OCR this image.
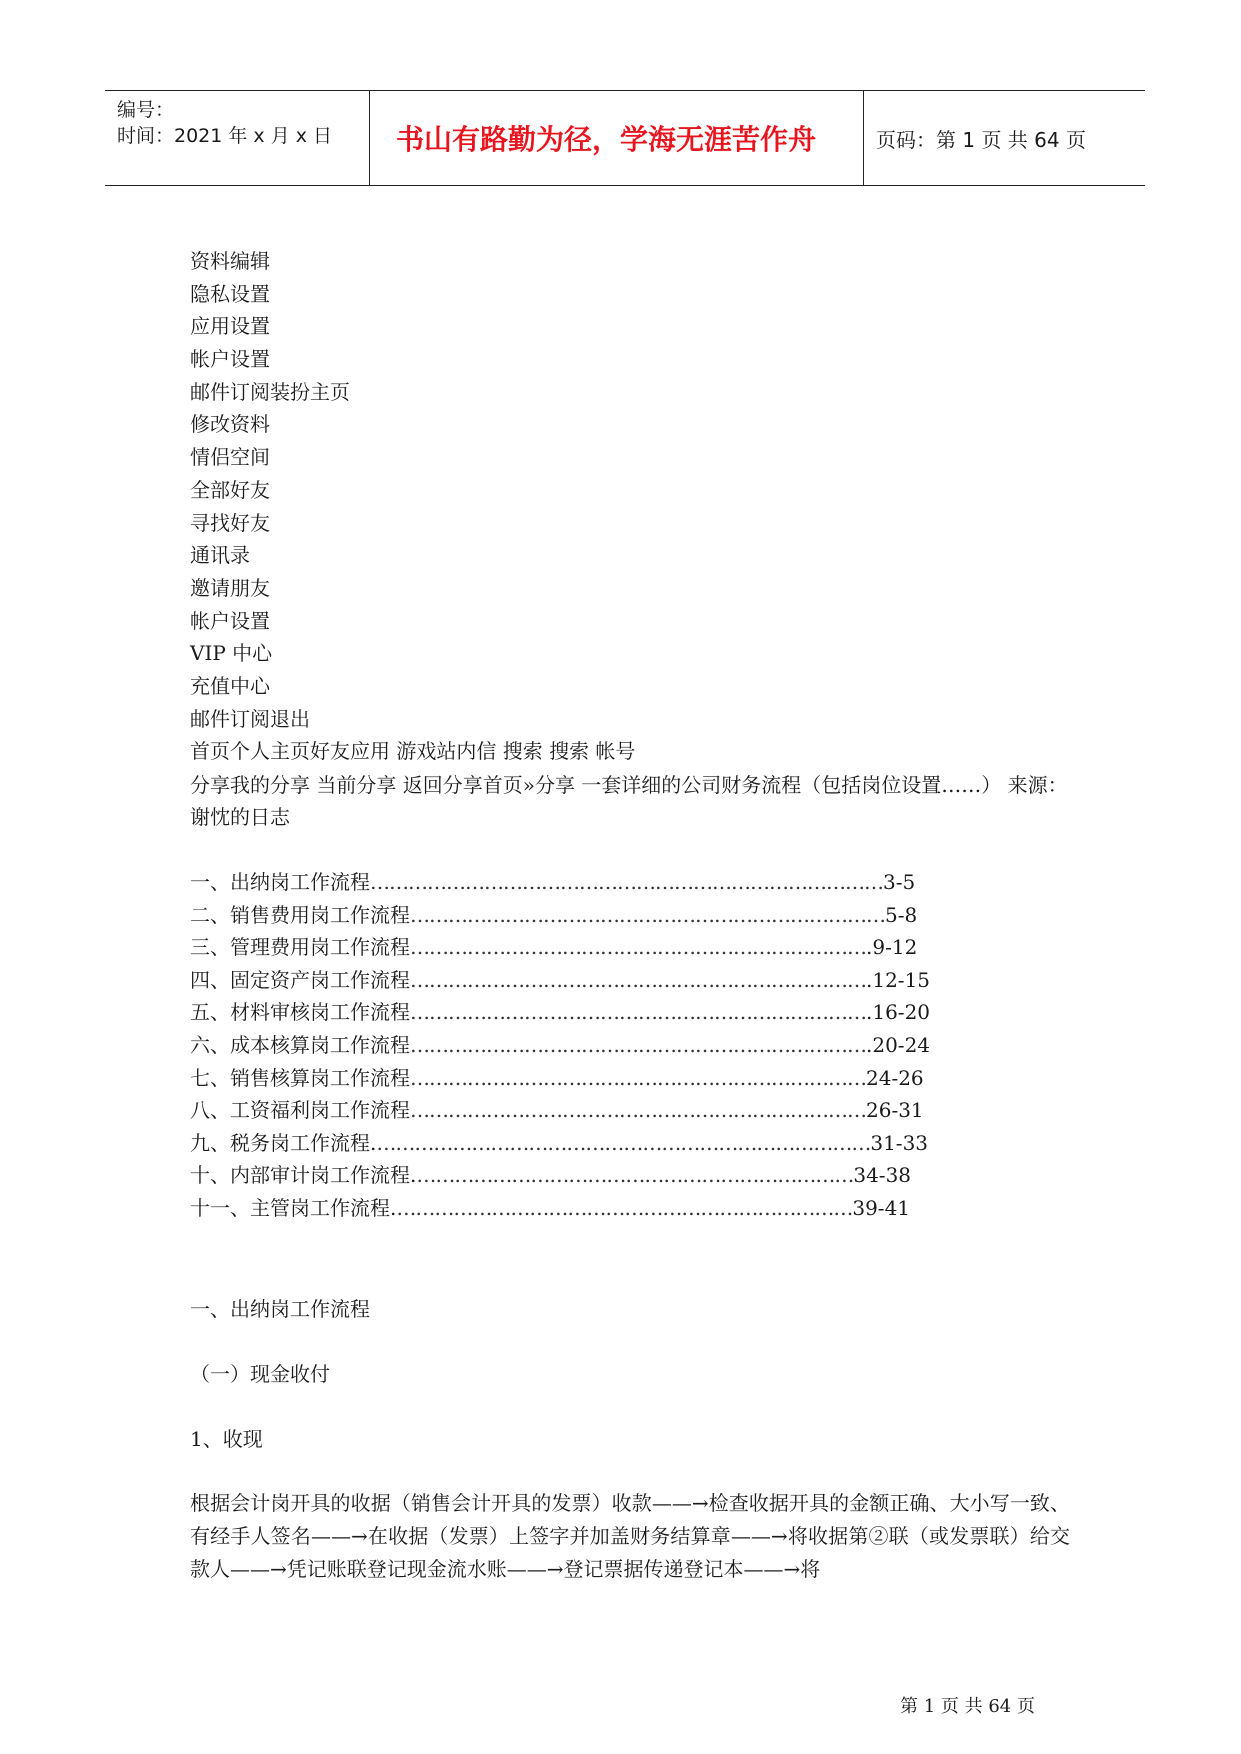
编号：
时间：2021 年 x 月 x 日 书山有路勤为径，学海无涯苦作舟	页码：第 1 页 共 64 页
资料编辑
隐私设置
应用设置
帐户设置
邮件订阅装扮主页
修改资料
情侣空间
全部好友
寻找好友
通讯录
邀请朋友
帐户设置
VIP 中心
充值中心
邮件订阅退出
首页个人主页好友应用 游戏站内信 搜索 搜索 帐号
分享我的分享 当前分享 返回分享首页»分享 一套详细的公司财务流程（包括岗位设置……） 来源： 谢忱的日志
一、出纳岗工作流程………………………………………………………………………3-5
二、销售费用岗工作流程…………………………………………………………………5-8
三、管理费用岗工作流程……………………………………………………………….9-12
四、固定资产岗工作流程……………………………………………………………….12-15
五、材料审核岗工作流程……………………………………………………………….16-20
六、成本核算岗工作流程……………………………………………………………….20-24
七、销售核算岗工作流程………………………………………………………………24-26
八、工资福利岗工作流程………………………………………………………………26-31
九、税务岗工作流程.……………………………………………………………………31-33
十、内部审计岗工作流程.……………………………………………………………34-38
十一、主管岗工作流程.………………………………………………………………39-41
一、出纳岗工作流程
（一）现金收付
1、收现
根据会计岗开具的收据（销售会计开具的发票）收款——→检查收据开具的金额正确、大小写一致、有经手人签名——→在收据（发票）上签字并加盖财务结算章——→将收据第②联（或发票联）给交款人——→凭记账联登记现金流水账——→登记票据传递登记本——→将
第 1 页 共 64 页
